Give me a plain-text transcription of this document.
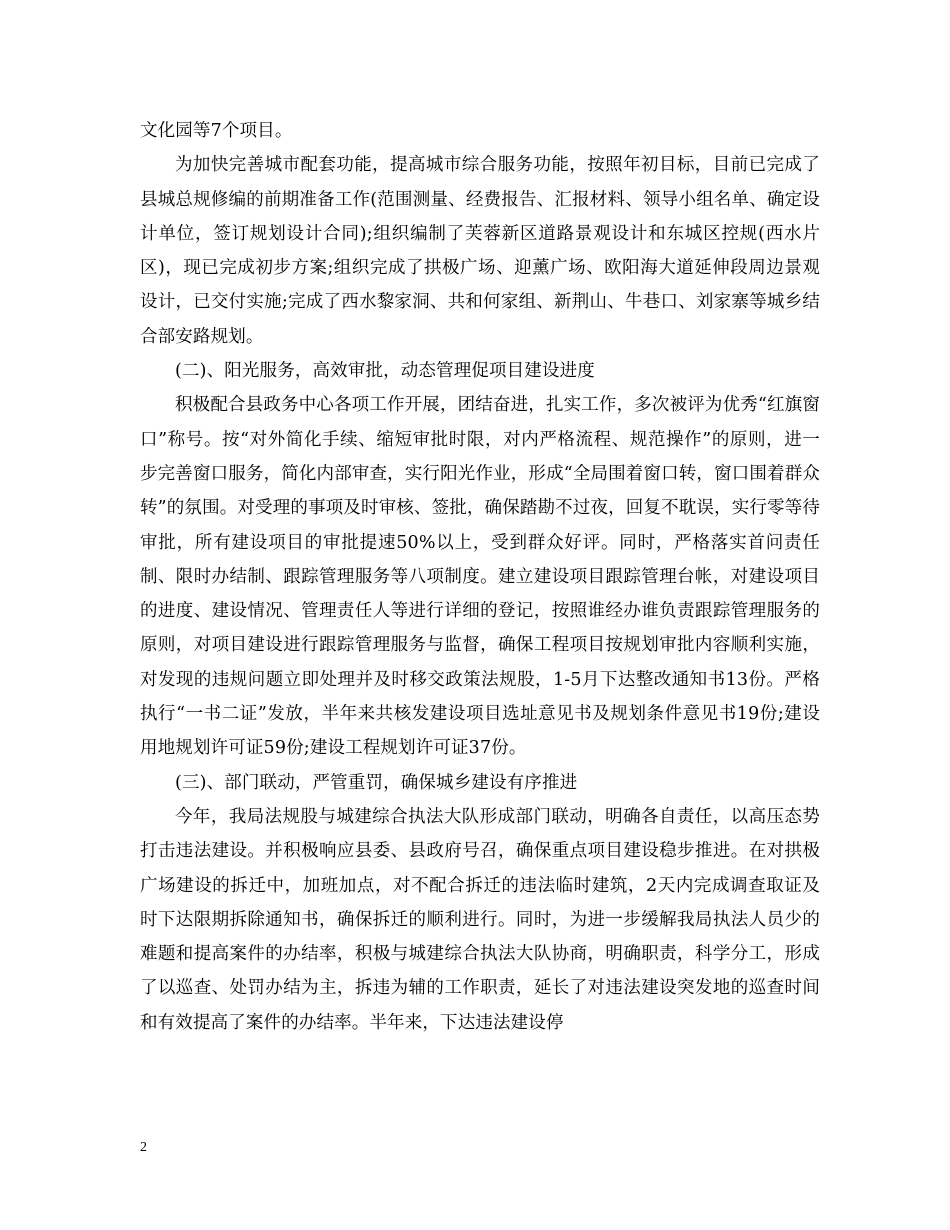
文化园等7个项目。

为加快完善城市配套功能，提高城市综合服务功能，按照年初目标，目前已完成了县城总规修编的前期准备工作(范围测量、经费报告、汇报材料、领导小组名单、确定设计单位，签订规划设计合同);组织编制了芙蓉新区道路景观设计和东城区控规(西水片区)，现已完成初步方案;组织完成了拱极广场、迎薰广场、欧阳海大道延伸段周边景观设计，已交付实施;完成了西水黎家洞、共和何家组、新荆山、牛巷口、刘家寨等城乡结合部安路规划。

(二)、阳光服务，高效审批，动态管理促项目建设进度

积极配合县政务中心各项工作开展，团结奋进，扎实工作，多次被评为优秀“红旗窗口”称号。按“对外简化手续、缩短审批时限，对内严格流程、规范操作”的原则，进一步完善窗口服务，简化内部审查，实行阳光作业，形成“全局围着窗口转，窗口围着群众转”的氛围。对受理的事项及时审核、签批，确保踏勘不过夜，回复不耽误，实行零等待审批，所有建设项目的审批提速50%以上，受到群众好评。同时，严格落实首问责任制、限时办结制、跟踪管理服务等八项制度。建立建设项目跟踪管理台帐，对建设项目的进度、建设情况、管理责任人等进行详细的登记，按照谁经办谁负责跟踪管理服务的原则，对项目建设进行跟踪管理服务与监督，确保工程项目按规划审批内容顺利实施，对发现的违规问题立即处理并及时移交政策法规股，1-5月下达整改通知书13份。严格执行“一书二证”发放，半年来共核发建设项目选址意见书及规划条件意见书19份;建设用地规划许可证59份;建设工程规划许可证37份。

(三)、部门联动，严管重罚，确保城乡建设有序推进

今年，我局法规股与城建综合执法大队形成部门联动，明确各自责任，以高压态势打击违法建设。并积极响应县委、县政府号召，确保重点项目建设稳步推进。在对拱极广场建设的拆迁中，加班加点，对不配合拆迁的违法临时建筑，2天内完成调查取证及时下达限期拆除通知书，确保拆迁的顺利进行。同时，为进一步缓解我局执法人员少的难题和提高案件的办结率，积极与城建综合执法大队协商，明确职责，科学分工，形成了以巡查、处罚办结为主，拆违为辅的工作职责，延长了对违法建设突发地的巡查时间和有效提高了案件的办结率。半年来，下达违法建设停

2
